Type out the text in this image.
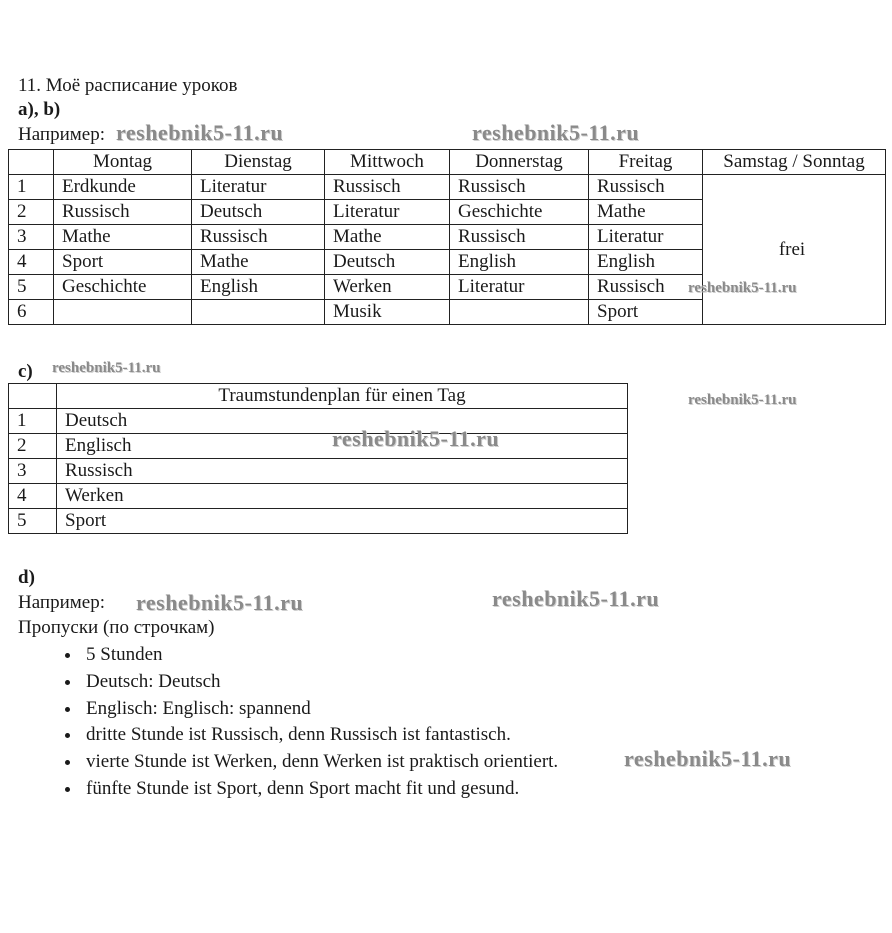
11. Моё расписание уроков
a), b)
Например:
	Montag	Dienstag	Mittwoch	Donnerstag	Freitag	Samstag / Sonntag
1	Erdkunde	Literatur	Russisch	Russisch	Russisch	frei
2	Russisch	Deutsch	Literatur	Geschichte	Mathe	
3	Mathe	Russisch	Mathe	Russisch	Literatur	
4	Sport	Mathe	Deutsch	English	English	
5	Geschichte	English	Werken	Literatur	Russisch	
6			Musik		Sport	
c)
	Traumstundenplan für einen Tag
1	Deutsch
2	Englisch
3	Russisch
4	Werken
5	Sport
d)
Например:
Пропуски (по строчкам)
• 5 Stunden
• Deutsch: Deutsch
• Englisch: Englisch: spannend
• dritte Stunde ist Russisch, denn Russisch ist fantastisch.
• vierte Stunde ist Werken, denn Werken ist praktisch orientiert.
• fünfte Stunde ist Sport, denn Sport macht fit und gesund.
reshebnik5-11.ru	reshebnik5-11.ru
reshebnik5-11.ru
reshebnik5-11.ru
reshebnik5-11.ru
reshebnik5-11.ru
reshebnik5-11.ru	reshebnik5-11.ru
reshebnik5-11.ru
